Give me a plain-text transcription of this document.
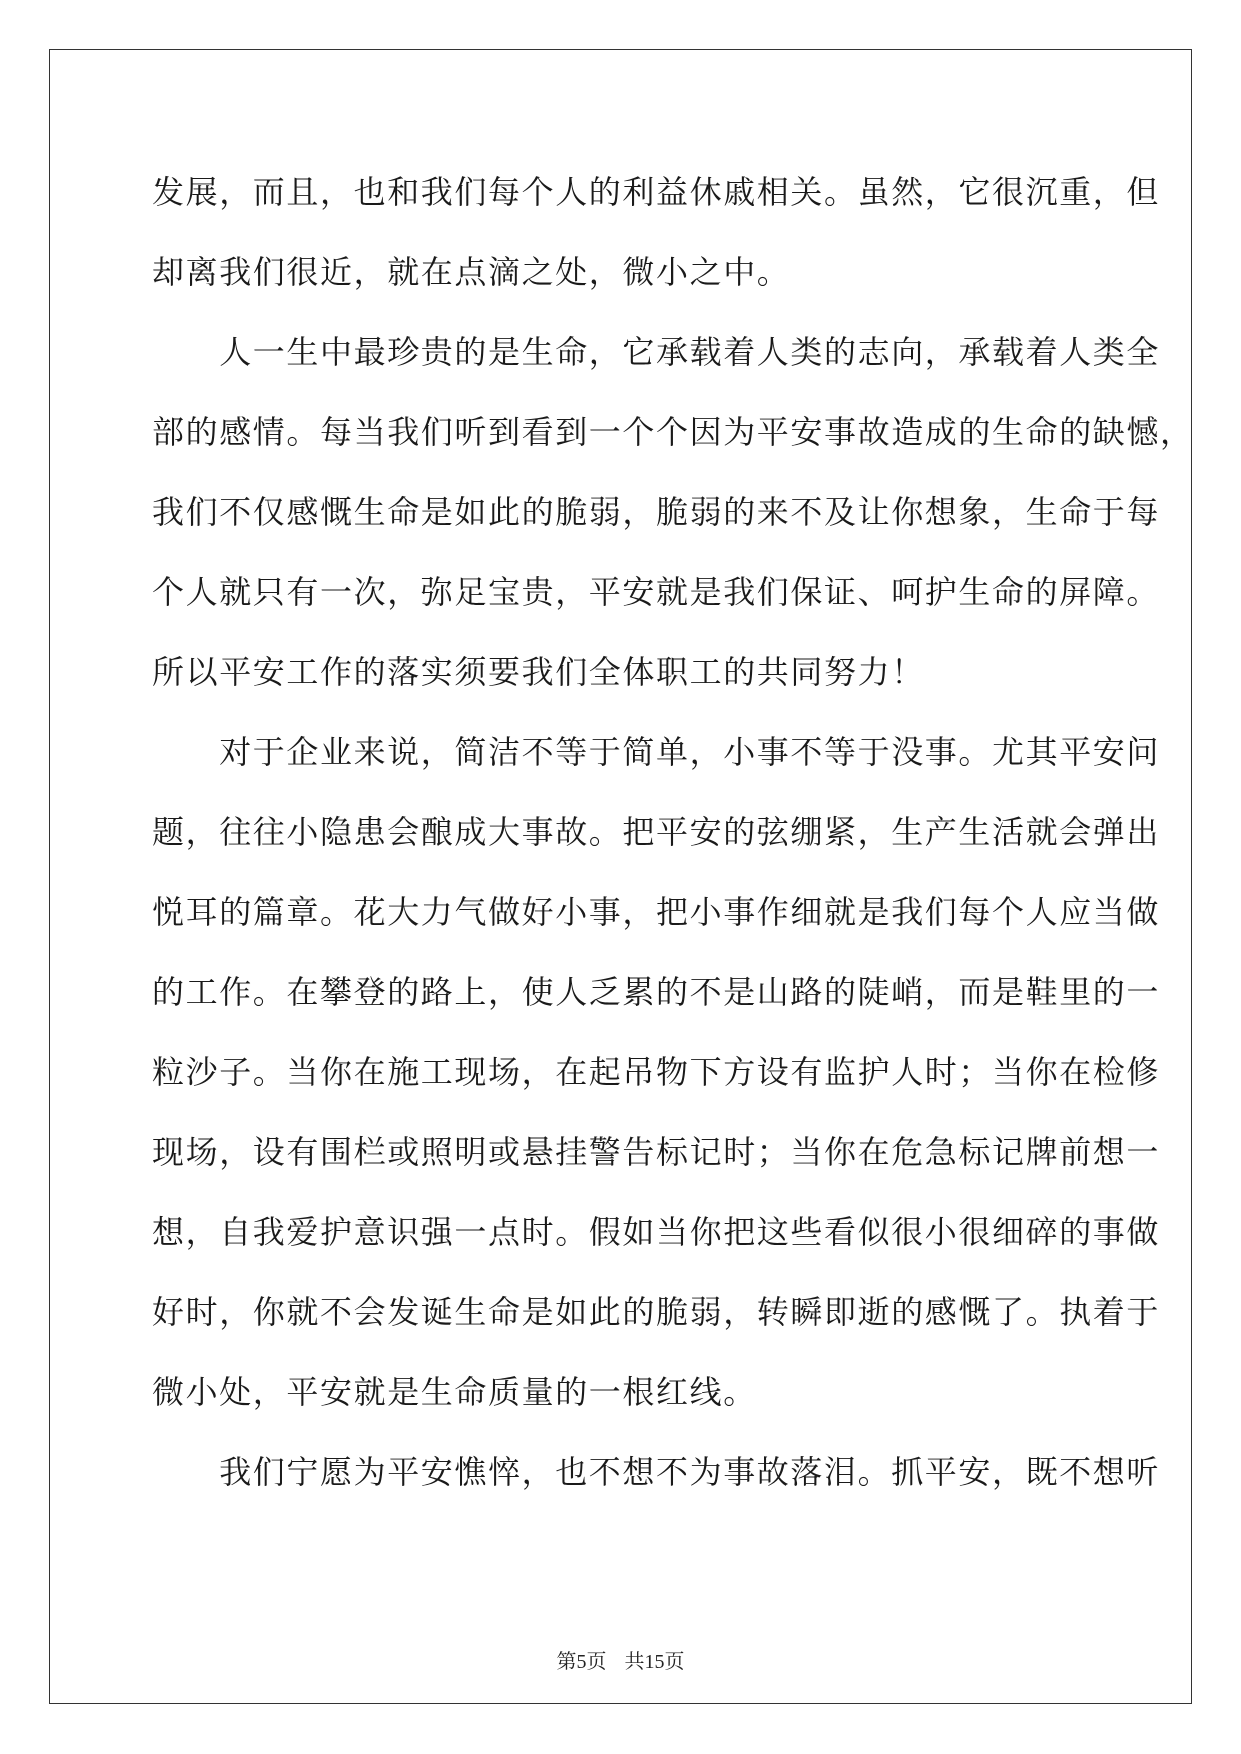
发展，而且，也和我们每个人的利益休戚相关。虽然，它很沉重，但
却离我们很近，就在点滴之处，微小之中。
　　人一生中最珍贵的是生命，它承载着人类的志向，承载着人类全
部的感情。每当我们听到看到一个个因为平安事故造成的生命的缺憾，
我们不仅感慨生命是如此的脆弱，脆弱的来不及让你想象，生命于每
个人就只有一次，弥足宝贵，平安就是我们保证、呵护生命的屏障。
所以平安工作的落实须要我们全体职工的共同努力！
　　对于企业来说，简洁不等于简单，小事不等于没事。尤其平安问
题，往往小隐患会酿成大事故。把平安的弦绷紧，生产生活就会弹出
悦耳的篇章。花大力气做好小事，把小事作细就是我们每个人应当做
的工作。在攀登的路上，使人乏累的不是山路的陡峭，而是鞋里的一
粒沙子。当你在施工现场，在起吊物下方设有监护人时；当你在检修
现场，设有围栏或照明或悬挂警告标记时；当你在危急标记牌前想一
想，自我爱护意识强一点时。假如当你把这些看似很小很细碎的事做
好时，你就不会发诞生命是如此的脆弱，转瞬即逝的感慨了。执着于
微小处，平安就是生命质量的一根红线。
　　我们宁愿为平安憔悴，也不想不为事故落泪。抓平安，既不想听
第5页 共15页
